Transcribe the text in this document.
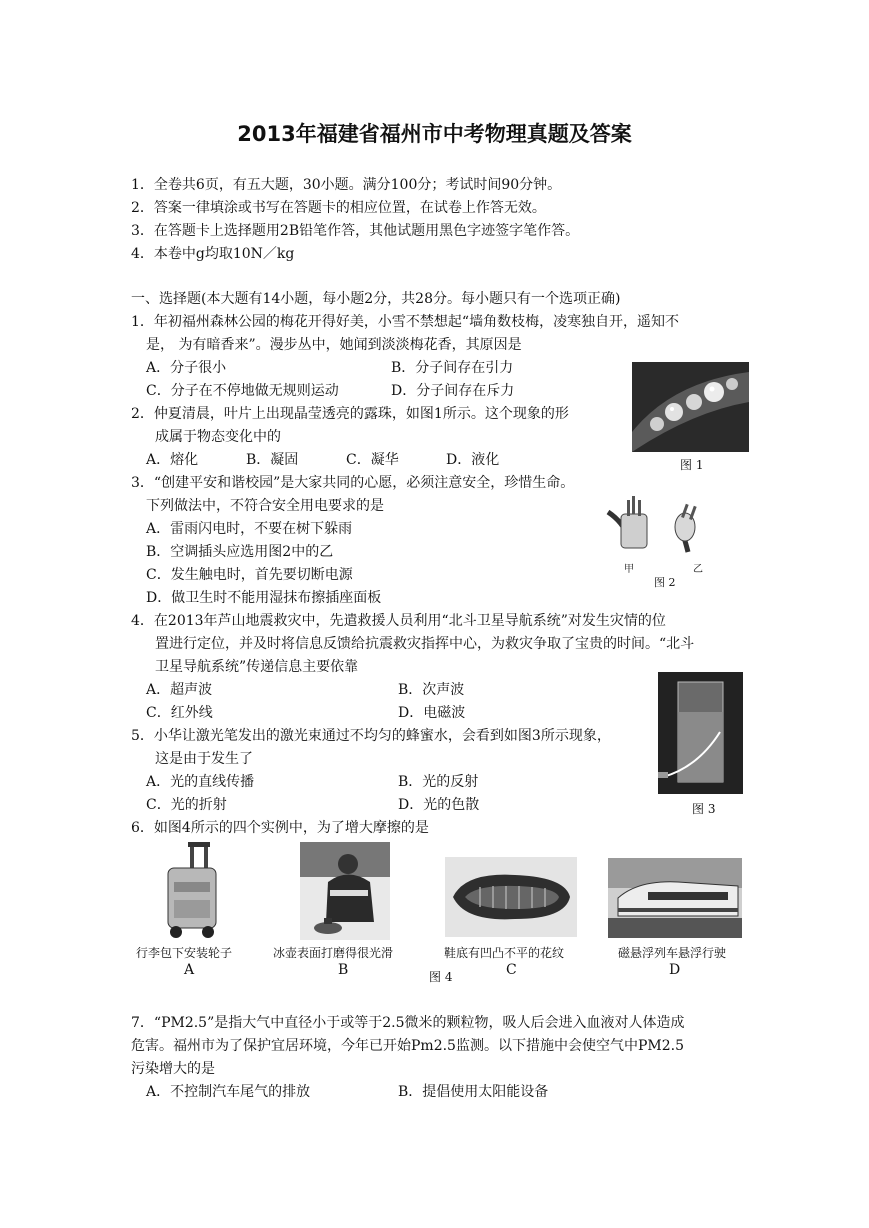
2013年福建省福州市中考物理真题及答案
1．全卷共6页，有五大题，30小题。满分100分；考试时间90分钟。
2．答案一律填涂或书写在答题卡的相应位置，在试卷上作答无效。
3．在答题卡上选择题用2B铅笔作答，其他试题用黑色字迹签字笔作答。
4．本卷中g均取10N／kg
一、选择题(本大题有14小题，每小题2分，共28分。每小题只有一个选项正确)
1．年初福州森林公园的梅花开得好美，小雪不禁想起“墙角数枝梅，凌寒独自开，遥知不
是， 为有暗香来”。漫步丛中，她闻到淡淡梅花香，其原因是
A．分子很小	B．分子间存在引力
C．分子在不停地做无规则运动	D．分子间存在斥力
2．仲夏清晨，叶片上出现晶莹透亮的露珠，如图1所示。这个现象的形
成属于物态变化中的
A．熔化	B．凝固	C．凝华	D．液化
3．“创建平安和谐校园”是大家共同的心愿，必须注意安全，珍惜生命。
下列做法中，不符合安全用电要求的是
A．雷雨闪电时，不要在树下躲雨
B．空调插头应选用图2中的乙
C．发生触电时，首先要切断电源
D．做卫生时不能用湿抹布擦插座面板
4．在2013年芦山地震救灾中，先遣救援人员利用“北斗卫星导航系统”对发生灾情的位
置进行定位，并及时将信息反馈给抗震救灾指挥中心，为救灾争取了宝贵的时间。“北斗
卫星导航系统”传递信息主要依靠
A．超声波	B．次声波
C．红外线	D．电磁波
5．小华让激光笔发出的激光束通过不均匀的蜂蜜水，会看到如图3所示现象，
这是由于发生了
A．光的直线传播	B．光的反射
C．光的折射	D．光的色散
6．如图4所示的四个实例中，为了增大摩擦的是
图 1
甲	乙
图 2
图 3
行李包下安装轮子
A
冰壶表面打磨得很光滑
B
鞋底有凹凸不平的花纹
C
磁悬浮列车悬浮行驶
D
图 4
7．“PM2.5”是指大气中直径小于或等于2.5微米的颗粒物，吸人后会进入血液对人体造成
危害。福州市为了保护宜居环境，今年已开始Pm2.5监测。以下措施中会使空气中PM2.5
污染增大的是
A．不控制汽车尾气的排放	B．提倡使用太阳能设备
